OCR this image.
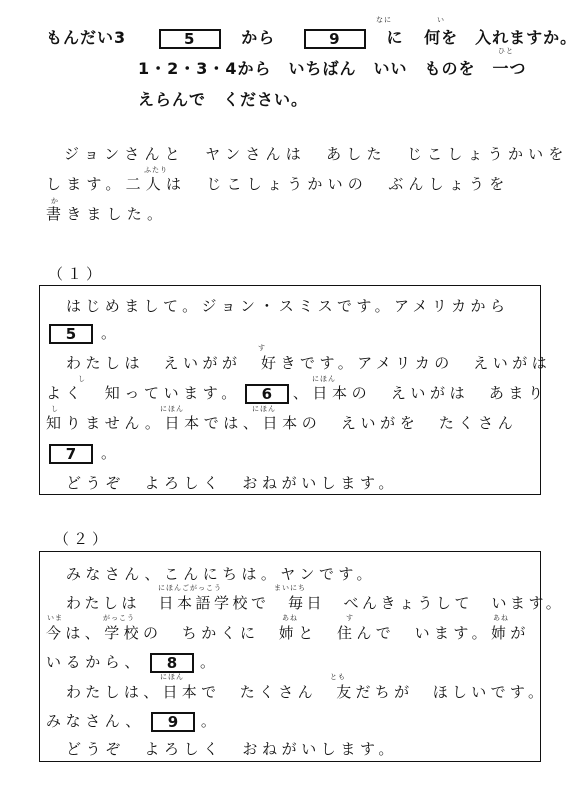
もんだい3	5	から	9	に 何を　入れますか。
なに	い
1・2・3・4から　いちばん　いい　ものを　一つ
ひと
えらんで　ください。
ジョンさんと　ヤンさんは　あした　じこしょうかいを
ふたり
します。二人は　じこしょうかいの　ぶんしょうを
か
書きました。
（１）
はじめまして。ジョン・スミスです。アメリカから
5 。
す
わたしは　えいがが　好きです。アメリカの　えいがは
し	にほん
よく　知っています。 6 、日本の　えいがは　あまり
し	にほん	にほん
知りません。日本では、日本の　えいがを　たくさん
7 。
どうぞ　よろしく　おねがいします。
（２）
みなさん、こんにちは。ヤンです。
にほんごがっこう	まいにち
わたしは　日本語学校で　毎日　べんきょうして　います。
いま	がっこう	あね	す	あね
今は、学校の　ちかくに　姉と　住んで　います。姉が
いるから、 8 。
にほん	とも
わたしは、日本で　たくさん　友だちが　ほしいです。
みなさん、 9 。
どうぞ　よろしく　おねがいします。
